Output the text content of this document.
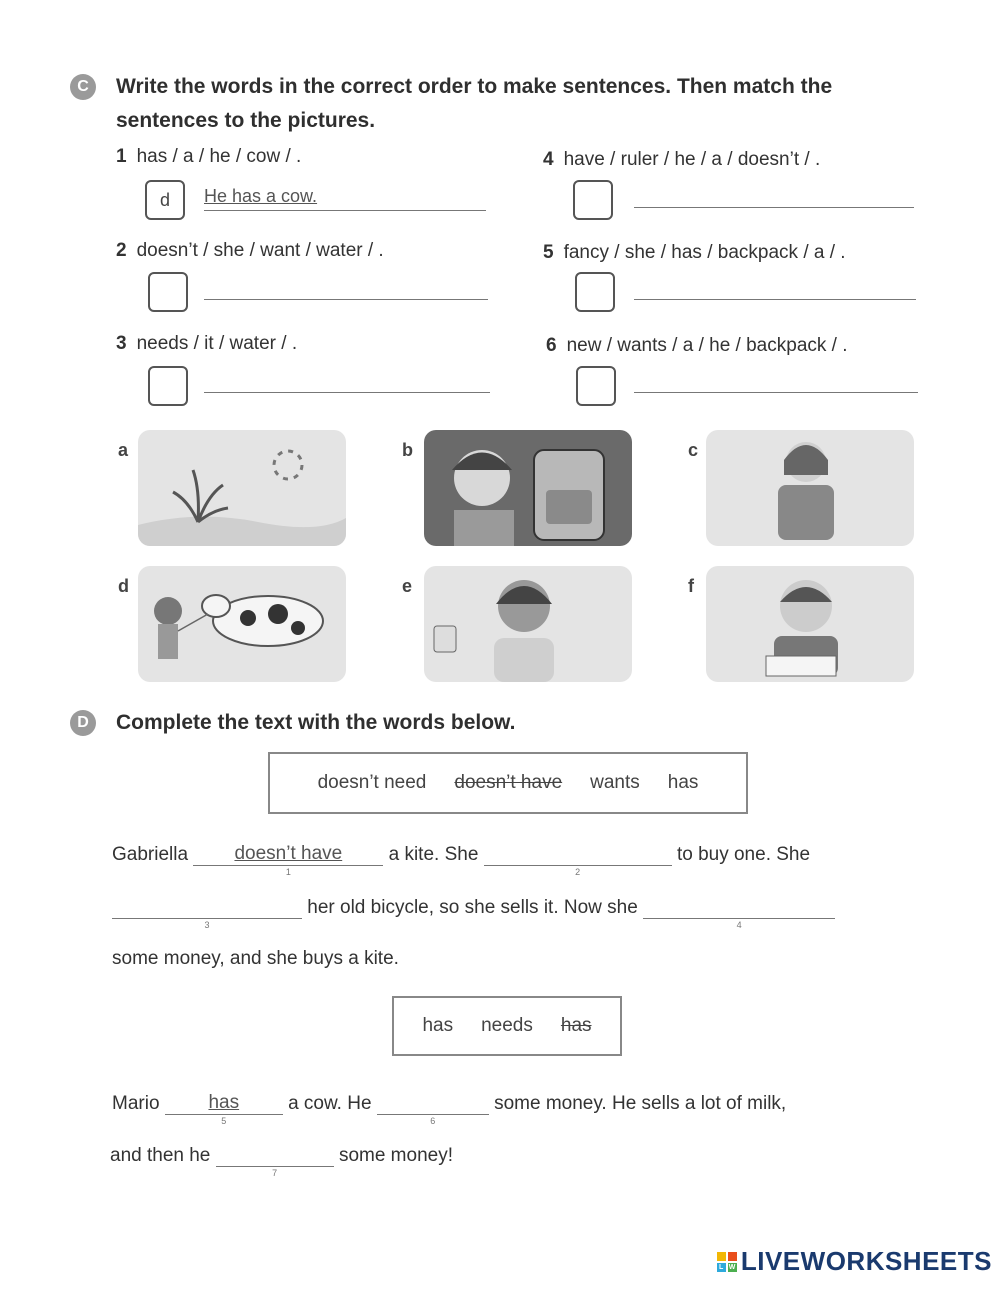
C	Write the words in the correct order to make sentences. Then match the
sentences to the pictures.
1 has / a / he / cow / .
d	He has a cow.
2 doesn’t / she / want / water / .
3 needs / it / water / .
4 have / ruler / he / a / doesn’t / .
5 fancy / she / has / backpack / a / .
6 new / wants / a / he / backpack / .
a	b	c
d	e	f
D	Complete the text with the words below.
doesn’t need doesn’t have wants has
Gabriella doesn’t have
1
a kite. She
2
to buy one. She
3
her old bicycle, so she sells it. Now she
4
some money, and she buys a kite.
has needs has
Mario	has
5
a cow. He
6
some money. He sells a lot of milk,
and then he
7
some money!
L W LIVEWORKSHEETS
